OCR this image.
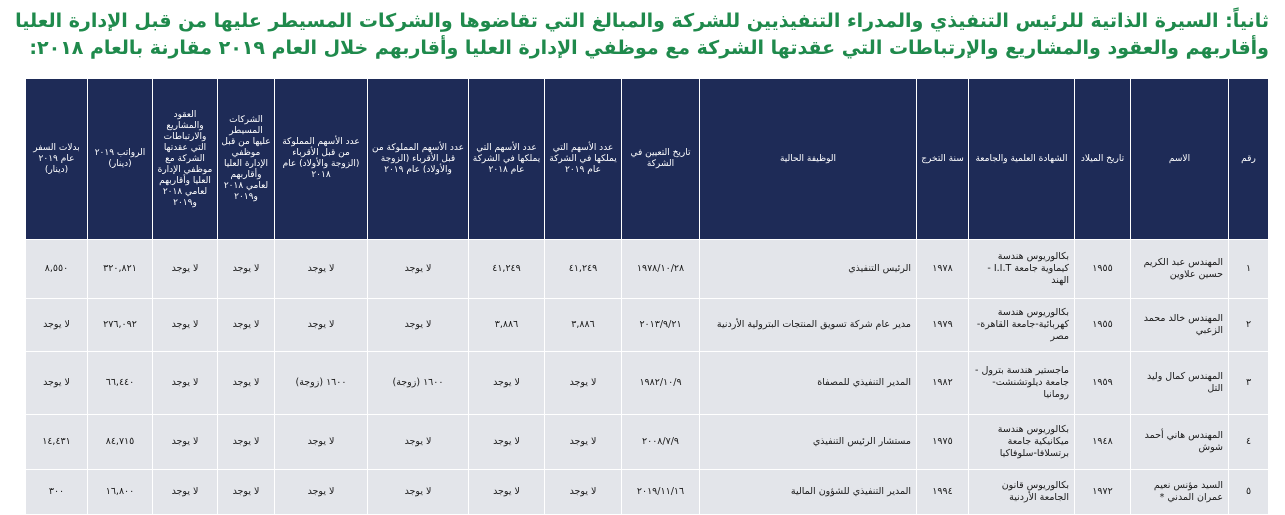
ثانياً: السيرة الذاتية للرئيس التنفيذي والمدراء التنفيذيين للشركة والمبالغ التي تقاضوها والشركات المسيطر عليها من قبل الإدارة العليا
وأقاربهم والعقود والمشاريع والإرتباطات التي عقدتها الشركة مع موظفي الإدارة العليا وأقاربهم خلال العام ٢٠١٩ مقارنة بالعام ٢٠١٨:
رقم	الاسم	تاريخ الميلاد	الشهادة العلمية والجامعة	سنة التخرج	الوظيفة الحالية	تاريخ التعيين في الشركة	عدد الأسهم التي يملكها في الشركة عام ٢٠١٩	عدد الأسهم التي يملكها في الشركة عام ٢٠١٨	عدد الأسهم المملوكة من قبل الأقرباء (الزوجة والأولاد) عام ٢٠١٩	عدد الأسهم المملوكة من قبل الأقرباء (الزوجة والأولاد) عام ٢٠١٨	الشركات المسيطر عليها من قبل موظفي الإدارة العليا وأقاربهم لعامي ٢٠١٨ و٢٠١٩	العقود والمشاريع والارتباطات التي عقدتها الشركة مع موظفي الإدارة العليا وأقاربهم لعامي ٢٠١٨ و٢٠١٩	الرواتب ٢٠١٩ (دينار)	بدلات السفر عام ٢٠١٩ (دينار)
١	المهندس عبد الكريم حسين علاوين	١٩٥٥	بكالوريوس هندسة كيماوية جامعة I.I.T - الهند	١٩٧٨	الرئيس التنفيذي	١٩٧٨/١٠/٢٨	٤١,٢٤٩	٤١,٢٤٩	لا يوجد	لا يوجد	لا يوجد	لا يوجد	٣٢٠,٨٢١	٨,٥٥٠
٢	المهندس خالد محمد الزعبي	١٩٥٥	بكالوريوس هندسة كهربائية-جامعة القاهرة-مصر	١٩٧٩	مدير عام شركة تسويق المنتجات البترولية الأردنية	٢٠١٣/٩/٢١	٣,٨٨٦	٣,٨٨٦	لا يوجد	لا يوجد	لا يوجد	لا يوجد	٢٧٦,٠٩٢	لا يوجد
٣	المهندس كمال وليد التل	١٩٥٩	ماجستير هندسة بترول - جامعة ديلوتشنشت- رومانيا	١٩٨٢	المدير التنفيذي للمصفاة	١٩٨٢/١٠/٩	لا يوجد	لا يوجد	١٦٠٠ (زوجة)	١٦٠٠ (زوجة)	لا يوجد	لا يوجد	٦٦,٤٤٠	لا يوجد
٤	المهندس هاني أحمد شوش	١٩٤٨	بكالوريوس هندسة ميكانيكية جامعة برتسلافا-سلوفاكيا	١٩٧٥	مستشار الرئيس التنفيذي	٢٠٠٨/٧/٩	لا يوجد	لا يوجد	لا يوجد	لا يوجد	لا يوجد	لا يوجد	٨٤,٧١٥	١٤,٤٣١
٥	السيد مؤنس نعيم عمران المدني *	١٩٧٢	بكالوريوس قانون الجامعة الأردنية	١٩٩٤	المدير التنفيذي للشؤون المالية	٢٠١٩/١١/١٦	لا يوجد	لا يوجد	لا يوجد	لا يوجد	لا يوجد	لا يوجد	١٦,٨٠٠	٣٠٠
